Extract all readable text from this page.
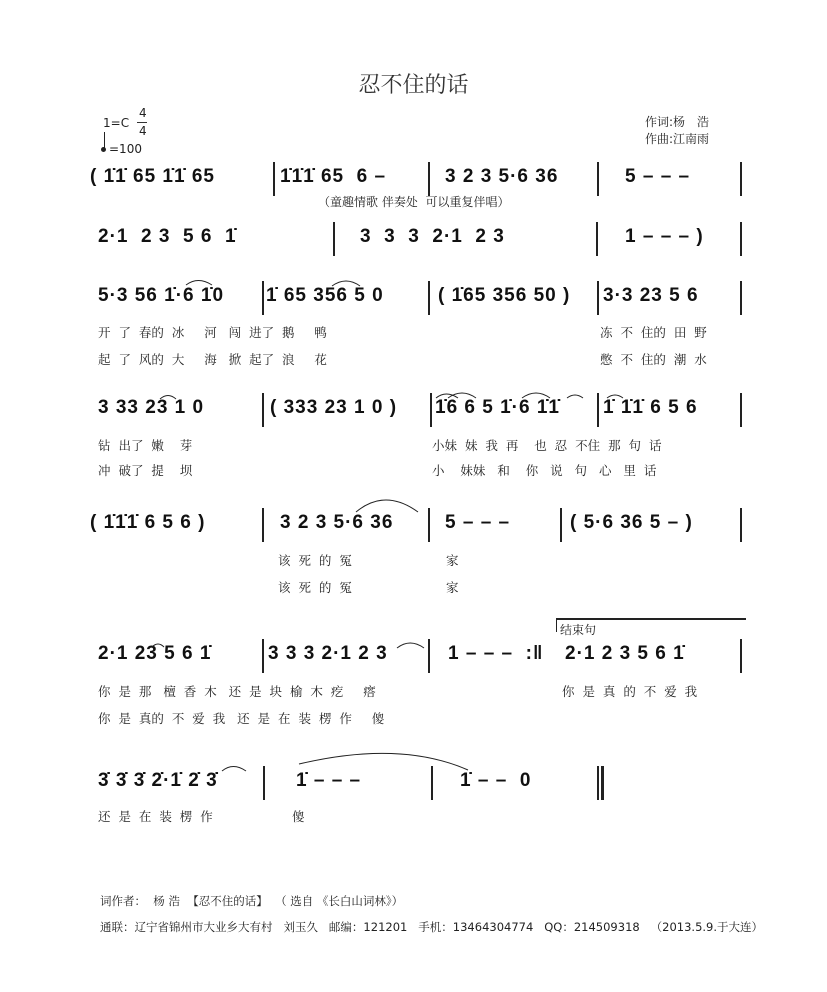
忍不住的话
1=C
4
4
=100
作词:杨　浩
作曲:江南雨
( 1̇1̇ 65 1̇1̇ 65	1̇1̇1̇ 65  6 –	3 2 3 5·6 36	5 – – –
（童趣情歌 伴奏处  可以重复伴唱）
2·1  2 3  5 6  1̇	3  3  3  2·1  2 3	1 – – – )
5·3 56 1̇·6 1̇0 1̇ 65 356 5 0	( 1̇65 356 50 ) 3·3 23 5 6
开  了  春的  冰     河   闯  进了  鹅     鸭	冻  不  住的  田  野
起  了  风的  大     海   掀  起了  浪     花	憋  不  住的  潮  水
3 33 23 1 0	( 333 23 1 0 ) 1̇6 6 5 1̇·6 1̇1̇ 1̇ 1̇1̇ 6 5 6
钻  出了  嫩    芽	小妹  妹  我  再    也  忍  不住  那  句  话
冲  破了  提    坝	小    妹妹   和    你   说   句   心   里  话
( 1̇1̇1̇ 6 5 6 )	3 2 3 5·6 36	5 – – –	( 5·6 36 5 – )
该  死  的  冤	家
该  死  的  冤	家
2·1 23 5 6 1̇	3 3 3 2·1 2 3	1 – – –  :‖ 2·1 2 3 5 6 1̇
你  是  那   檀  香  木   还  是  块  榆  木  疙     瘩	你  是  真  的  不  爱  我
你  是  真的  不  爱  我   还  是  在  装  楞  作     傻
3̇ 3̇ 3̇ 2̇·1̇ 2̇ 3̇	1̇ – – –	1̇ – –  0
还  是  在  装  楞  作	傻
结束句
词作者：  杨 浩  【忍不住的话】  （ 选自 《长白山词林》）
通联：辽宁省锦州市大业乡大有村   刘玉久   邮编：121201   手机：13464304774   QQ：214509318   （2013.5.9.于大连）
